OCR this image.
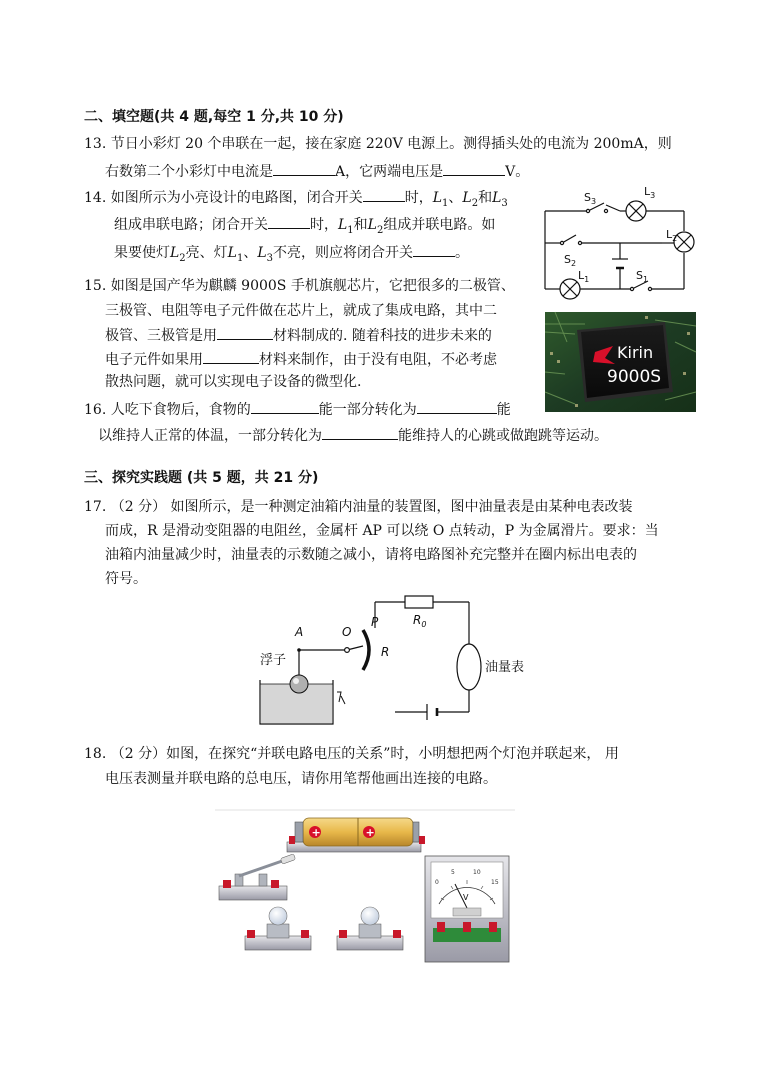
二、填空题(共 4 题,每空 1 分,共 10 分)
13. 节日小彩灯 20 个串联在一起，接在家庭 220V 电源上。测得插头处的电流为 200mA，则
右数第二个小彩灯中电流是	A，它两端电压是	V。
14. 如图所示为小亮设计的电路图，闭合开关	时，$L_1$、$L_2$和$L_3$
组成串联电路；闭合开关	时，$L_1$和$L_2$组成并联电路。如
果要使灯$L_2$亮、灯$L_1$、$L_3$不亮，则应将闭合开关	。
$S_3$
$L_3$
$S_2$
$L_2$
$L_1$	$S_1$
15. 如图是国产华为麒麟 9000S 手机旗舰芯片，它把很多的二极管、
三极管、电阻等电子元件做在芯片上，就成了集成电路，其中二
极管、三极管是用	材料制成的. 随着科技的进步未来的
电子元件如果用	材料来制作，由于没有电阻，不必考虑
散热问题，就可以实现电子设备的微型化.
Kirin
9000S
16. 人吃下食物后，食物的	能一部分转化为	能
以维持人正常的体温，一部分转化为	能维持人的心跳或做跑跳等运动。
三、探究实践题 (共 5 题，共 21 分)
17. （2 分） 如图所示，是一种测定油箱内油量的装置图，图中油量表是由某种电表改装
而成，R 是滑动变阻器的电阻丝，金属杆 AP 可以绕 O 点转动，P 为金属滑片。要求：当
油箱内油量减少时，油量表的示数随之减小，请将电路图补充完整并在圈内标出电表的
符号。
A	O
P
R
$R_0$
浮子	油量表
18. （2 分）如图，在探究“并联电路电压的关系”时，小明想把两个灯泡并联起来， 用
电压表测量并联电路的总电压，请你用笔帮他画出连接的电路。
+	+
0
5	10
15
V
